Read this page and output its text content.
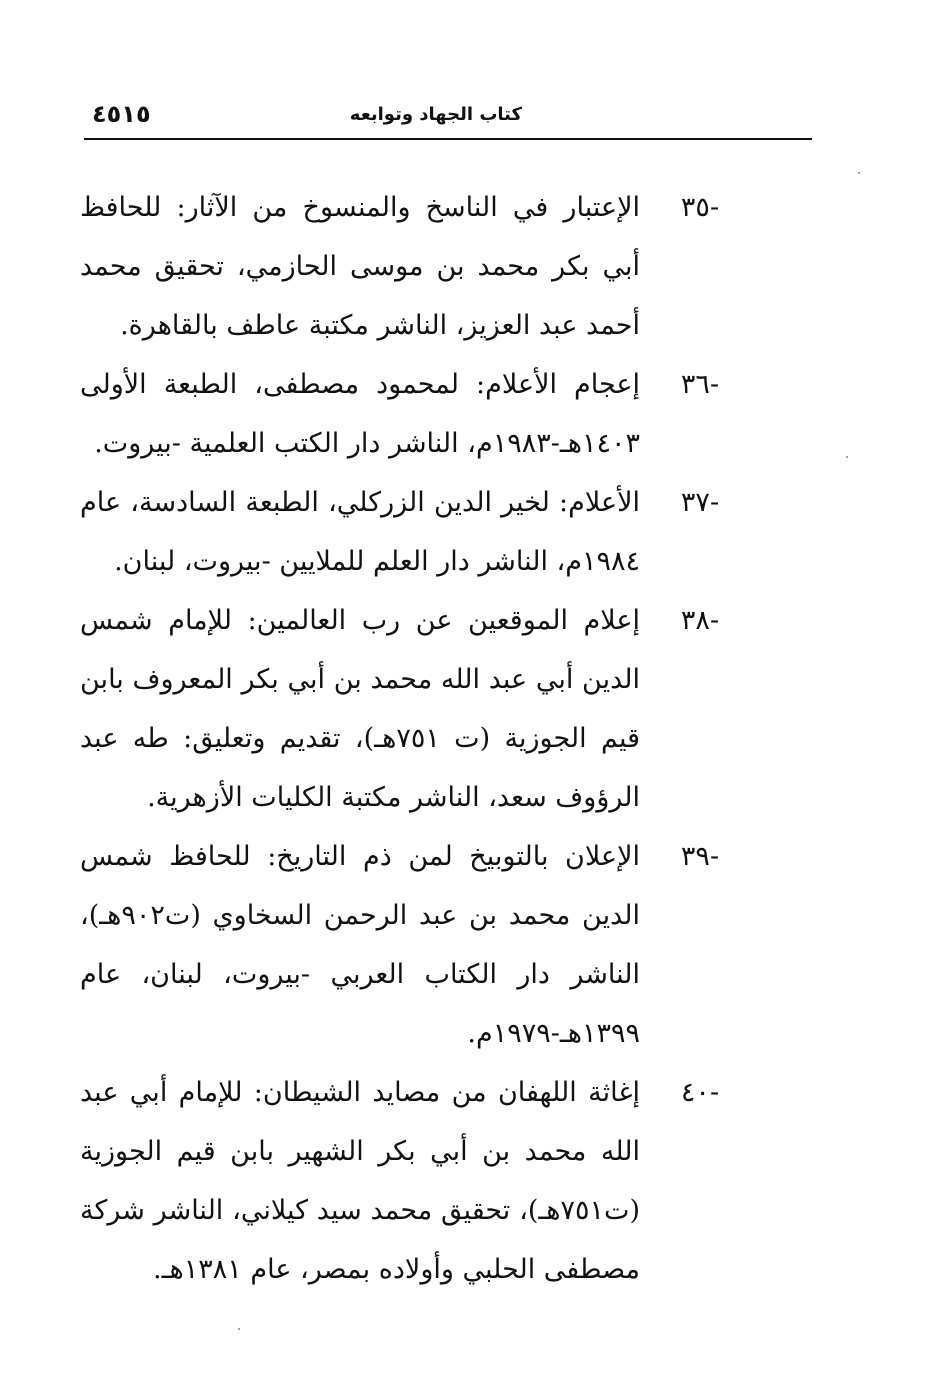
كتاب الجهاد وتوابعه
٤٥١٥
-٣٥
الإعتبار في الناسخ والمنسوخ من الآثار: للحافظ أبي بكر محمد بن موسى الحازمي، تحقيق محمد أحمد عبد العزيز، الناشر مكتبة عاطف بالقاهرة.
-٣٦
إعجام الأعلام: لمحمود مصطفى، الطبعة الأولى ١٤٠٣هـ-١٩٨٣م، الناشر دار الكتب العلمية -بيروت.
-٣٧
الأعلام: لخير الدين الزركلي، الطبعة السادسة، عام ١٩٨٤م، الناشر دار العلم للملايين -بيروت، لبنان.
-٣٨
إعلام الموقعين عن رب العالمين: للإمام شمس الدين أبي عبد الله محمد بن أبي بكر المعروف بابن قيم الجوزية (ت ٧٥١هـ)، تقديم وتعليق: طه عبد الرؤوف سعد، الناشر مكتبة الكليات الأزهرية.
-٣٩
الإعلان بالتوبيخ لمن ذم التاريخ: للحافظ شمس الدين محمد بن عبد الرحمن السخاوي (ت٩٠٢هـ)، الناشر دار الكتاب العربي -بيروت، لبنان، عام ١٣٩٩هـ-١٩٧٩م.
-٤٠
إغاثة اللهفان من مصايد الشيطان: للإمام أبي عبد الله محمد بن أبي بكر الشهير بابن قيم الجوزية (ت٧٥١هـ)، تحقيق محمد سيد كيلاني، الناشر شركة مصطفى الحلبي وأولاده بمصر، عام ١٣٨١هـ.
